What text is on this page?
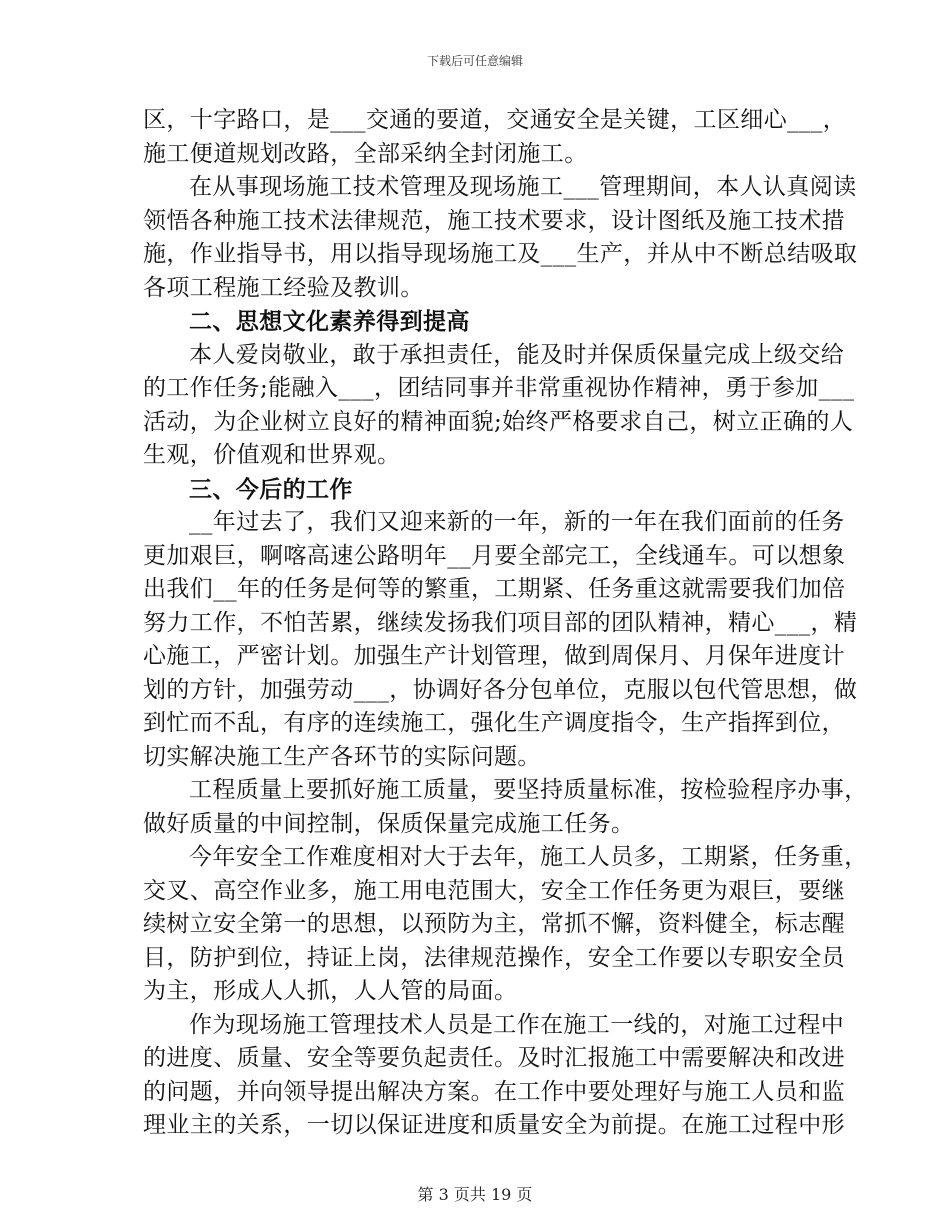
下载后可任意编辑
区，十字路口，是___交通的要道，交通安全是关键，工区细心___，
施工便道规划改路，全部采纳全封闭施工。
在从事现场施工技术管理及现场施工___管理期间，本人认真阅读
领悟各种施工技术法律规范，施工技术要求，设计图纸及施工技术措
施，作业指导书，用以指导现场施工及___生产，并从中不断总结吸取
各项工程施工经验及教训。
二、思想文化素养得到提高
本人爱岗敬业，敢于承担责任，能及时并保质保量完成上级交给
的工作任务;能融入___，团结同事并非常重视协作精神，勇于参加___
活动，为企业树立良好的精神面貌;始终严格要求自己，树立正确的人
生观，价值观和世界观。
三、今后的工作
__年过去了，我们又迎来新的一年，新的一年在我们面前的任务
更加艰巨，啊喀高速公路明年__月要全部完工，全线通车。可以想象
出我们__年的任务是何等的繁重，工期紧、任务重这就需要我们加倍
努力工作，不怕苦累，继续发扬我们项目部的团队精神，精心___，精
心施工，严密计划。加强生产计划管理，做到周保月、月保年进度计
划的方针，加强劳动___，协调好各分包单位，克服以包代管思想，做
到忙而不乱，有序的连续施工，强化生产调度指令，生产指挥到位，
切实解决施工生产各环节的实际问题。
工程质量上要抓好施工质量，要坚持质量标准，按检验程序办事，
做好质量的中间控制，保质保量完成施工任务。
今年安全工作难度相对大于去年，施工人员多，工期紧，任务重，
交叉、高空作业多，施工用电范围大，安全工作任务更为艰巨，要继
续树立安全第一的思想，以预防为主，常抓不懈，资料健全，标志醒
目，防护到位，持证上岗，法律规范操作，安全工作要以专职安全员
为主，形成人人抓，人人管的局面。
作为现场施工管理技术人员是工作在施工一线的，对施工过程中
的进度、质量、安全等要负起责任。及时汇报施工中需要解决和改进
的问题，并向领导提出解决方案。在工作中要处理好与施工人员和监
理业主的关系，一切以保证进度和质量安全为前提。在施工过程中形
第 3 页共 19 页
